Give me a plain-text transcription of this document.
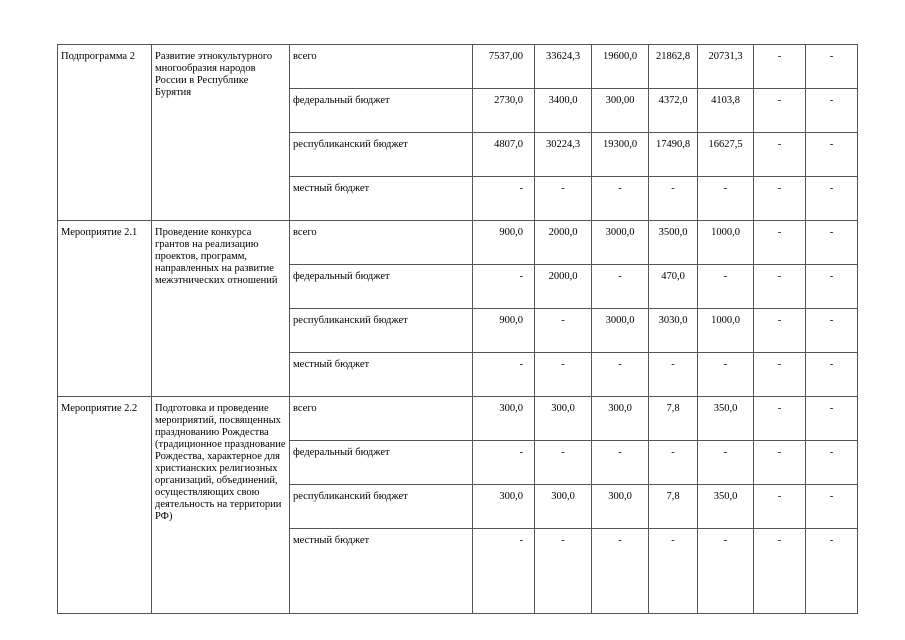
Подпрограмма 2	Развитие этнокультурного многообразия народов России в Республике Бурятия	всего	7537,00	33624,3	19600,0	21862,8	20731,3	-	-
		федеральный бюджет	2730,0	3400,0	300,00	4372,0	4103,8	-	-
		республиканский бюджет	4807,0	30224,3	19300,0	17490,8	16627,5	-	-
		местный бюджет	-	-	-	-	-	-	-
Мероприятие 2.1	Проведение конкурса грантов на реализацию проектов, программ, направленных на развитие межэтнических отношений	всего	900,0	2000,0	3000,0	3500,0	1000,0	-	-
		федеральный бюджет	-	2000,0	-	470,0	-	-	-
		республиканский бюджет	900,0	-	3000,0	3030,0	1000,0	-	-
		местный бюджет	-	-	-	-	-	-	-
Мероприятие 2.2	Подготовка и проведение мероприятий, посвященных празднованию Рождества (традиционное празднование Рождества, характерное для христианских религиозных организаций, объединений, осуществляющих свою деятельность на территории РФ)	всего	300,0	300,0	300,0	7,8	350,0	-	-
		федеральный бюджет	-	-	-	-	-	-	-
		республиканский бюджет	300,0	300,0	300,0	7,8	350,0	-	-
		местный бюджет	-	-	-	-	-	-	-
